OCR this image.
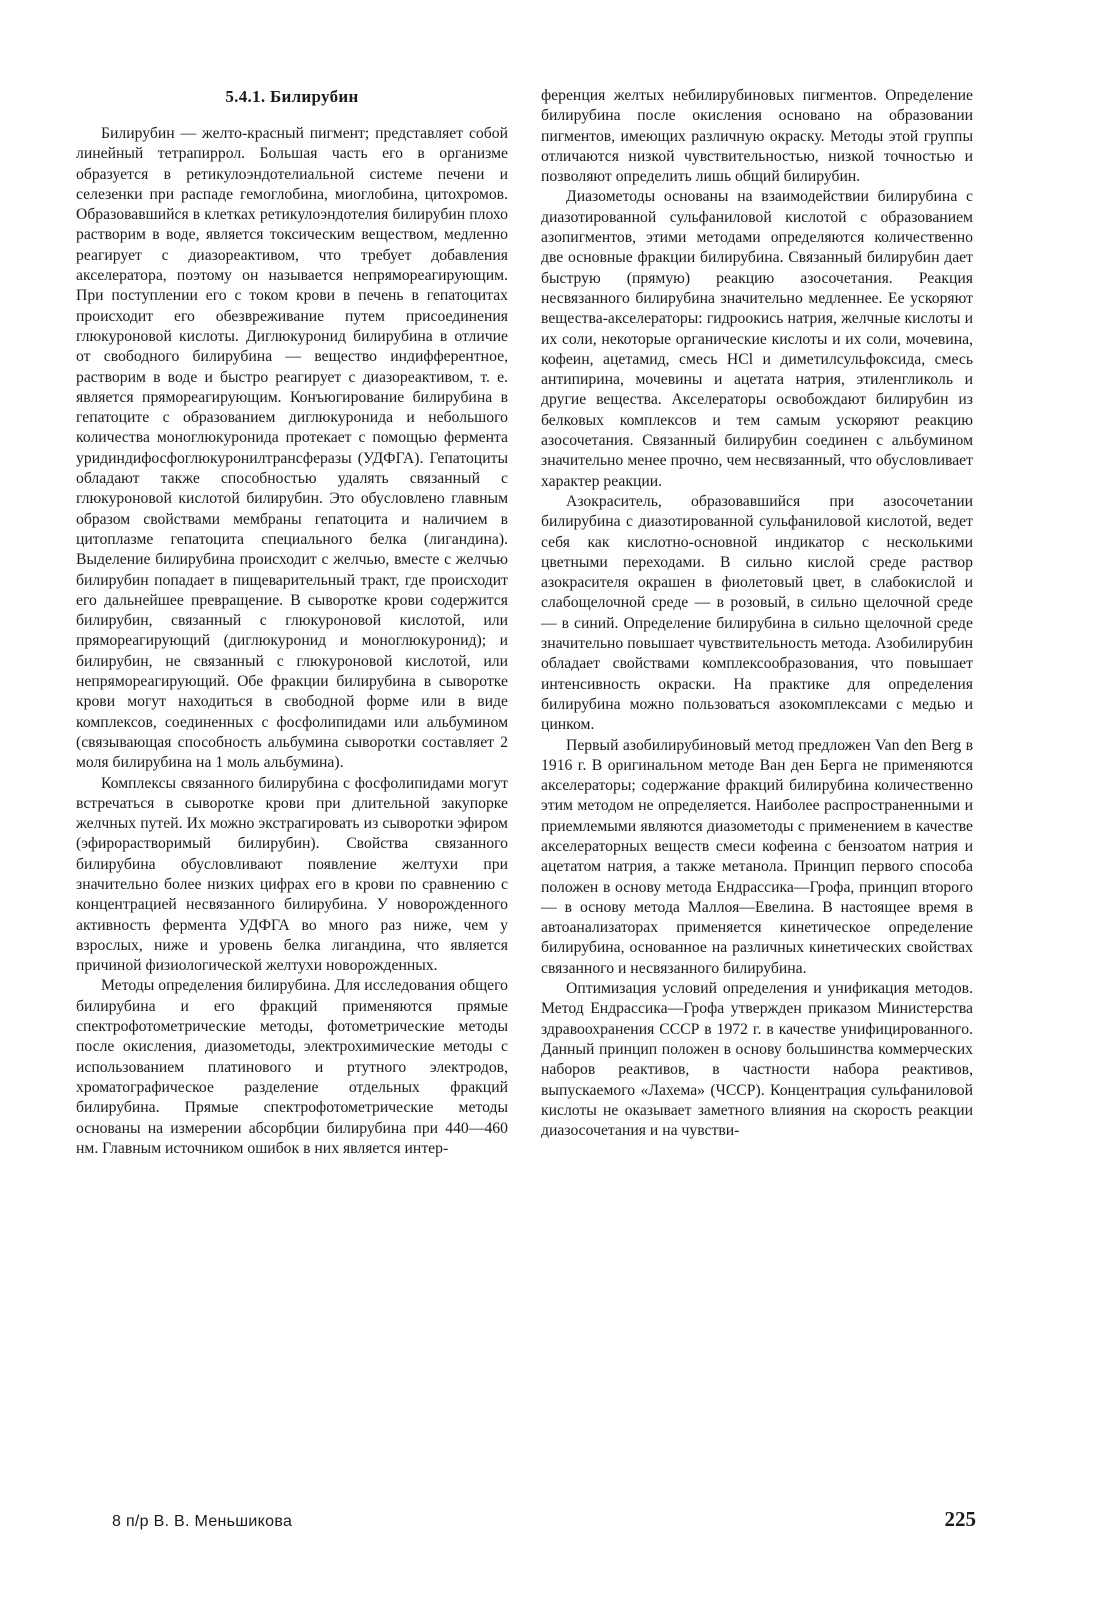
5.4.1. Билирубин

Билирубин — желто-красный пигмент; представляет собой линейный тетрапиррол. Большая часть его в организме образуется в ретикулоэндотелиальной системе печени и селезенки при распаде гемоглобина, миоглобина, цитохромов. Образовавшийся в клетках ретикулоэндотелия билирубин плохо растворим в воде, является токсическим веществом, медленно реагирует с диазореактивом, что требует добавления акселератора, поэтому он называется непрямореагирующим. При поступлении его с током крови в печень в гепатоцитах происходит его обезвреживание путем присоединения глюкуроновой кислоты. Диглюкуронид билирубина в отличие от свободного билирубина — вещество индифферентное, растворим в воде и быстро реагирует с диазореактивом, т. е. является прямореагирующим. Конъюгирование билирубина в гепатоците с образованием диглюкуронида и небольшого количества моноглюкуронида протекает с помощью фермента уридиндифосфоглюкуронилтрансферазы (УДФГА). Гепатоциты обладают также способностью удалять связанный с глюкуроновой кислотой билирубин. Это обусловлено главным образом свойствами мембраны гепатоцита и наличием в цитоплазме гепатоцита специального белка (лигандина). Выделение билирубина происходит с желчью, вместе с желчью билирубин попадает в пищеварительный тракт, где происходит его дальнейшее превращение. В сыворотке крови содержится билирубин, связанный с глюкуроновой кислотой, или прямореагирующий (диглюкуронид и моноглюкуронид); и билирубин, не связанный с глюкуроновой кислотой, или непрямореагирующий. Обе фракции билирубина в сыворотке крови могут находиться в свободной форме или в виде комплексов, соединенных с фосфолипидами или альбумином (связывающая способность альбумина сыворотки составляет 2 моля билирубина на 1 моль альбумина).

Комплексы связанного билирубина с фосфолипидами могут встречаться в сыворотке крови при длительной закупорке желчных путей. Их можно экстрагировать из сыворотки эфиром (эфирорастворимый билирубин). Свойства связанного билирубина обусловливают появление желтухи при значительно более низких цифрах его в крови по сравнению с концентрацией несвязанного билирубина. У новорожденного активность фермента УДФГА во много раз ниже, чем у взрослых, ниже и уровень белка лигандина, что является причиной физиологической желтухи новорожденных.

Методы определения билирубина. Для исследования общего билирубина и его фракций применяются прямые спектрофотометрические методы, фотометрические методы после окисления, диазометоды, электрохимические методы с использованием платинового и ртутного электродов, хроматографическое разделение отдельных фракций билирубина. Прямые спектрофотометрические методы основаны на измерении абсорбции билирубина при 440—460 нм. Главным источником ошибок в них является интер-

ференция желтых небилирубиновых пигментов. Определение билирубина после окисления основано на образовании пигментов, имеющих различную окраску. Методы этой группы отличаются низкой чувствительностью, низкой точностью и позволяют определить лишь общий билирубин.

Диазометоды основаны на взаимодействии билирубина с диазотированной сульфаниловой кислотой с образованием азопигментов, этими методами определяются количественно две основные фракции билирубина. Связанный билирубин дает быструю (прямую) реакцию азосочетания. Реакция несвязанного билирубина значительно медленнее. Ее ускоряют вещества-акселераторы: гидроокись натрия, желчные кислоты и их соли, некоторые органические кислоты и их соли, мочевина, кофеин, ацетамид, смесь HCl и диметилсульфоксида, смесь антипирина, мочевины и ацетата натрия, этиленгликоль и другие вещества. Акселераторы освобождают билирубин из белковых комплексов и тем самым ускоряют реакцию азосочетания. Связанный билирубин соединен с альбумином значительно менее прочно, чем несвязанный, что обусловливает характер реакции.

Азокраситель, образовавшийся при азосочетании билирубина с диазотированной сульфаниловой кислотой, ведет себя как кислотно-основной индикатор с несколькими цветными переходами. В сильно кислой среде раствор азокрасителя окрашен в фиолетовый цвет, в слабокислой и слабощелочной среде — в розовый, в сильно щелочной среде — в синий. Определение билирубина в сильно щелочной среде значительно повышает чувствительность метода. Азобилирубин обладает свойствами комплексообразования, что повышает интенсивность окраски. На практике для определения билирубина можно пользоваться азокомплексами с медью и цинком.

Первый азобилирубиновый метод предложен Van den Berg в 1916 г. В оригинальном методе Ван ден Берга не применяются акселераторы; содержание фракций билирубина количественно этим методом не определяется. Наиболее распространенными и приемлемыми являются диазометоды с применением в качестве акселераторных веществ смеси кофеина с бензоатом натрия и ацетатом натрия, а также метанола. Принцип первого способа положен в основу метода Ендрассика—Грофа, принцип второго — в основу метода Маллоя—Евелина. В настоящее время в автоанализаторах применяется кинетическое определение билирубина, основанное на различных кинетических свойствах связанного и несвязанного билирубина.

Оптимизация условий определения и унификация методов. Метод Ендрассика—Грофа утвержден приказом Министерства здравоохранения СССР в 1972 г. в качестве унифицированного. Данный принцип положен в основу большинства коммерческих наборов реактивов, в частности набора реактивов, выпускаемого «Лахема» (ЧССР). Концентрация сульфаниловой кислоты не оказывает заметного влияния на скорость реакции диазосочетания и на чувстви-

8 п/р В. В. Меньшикова	225
